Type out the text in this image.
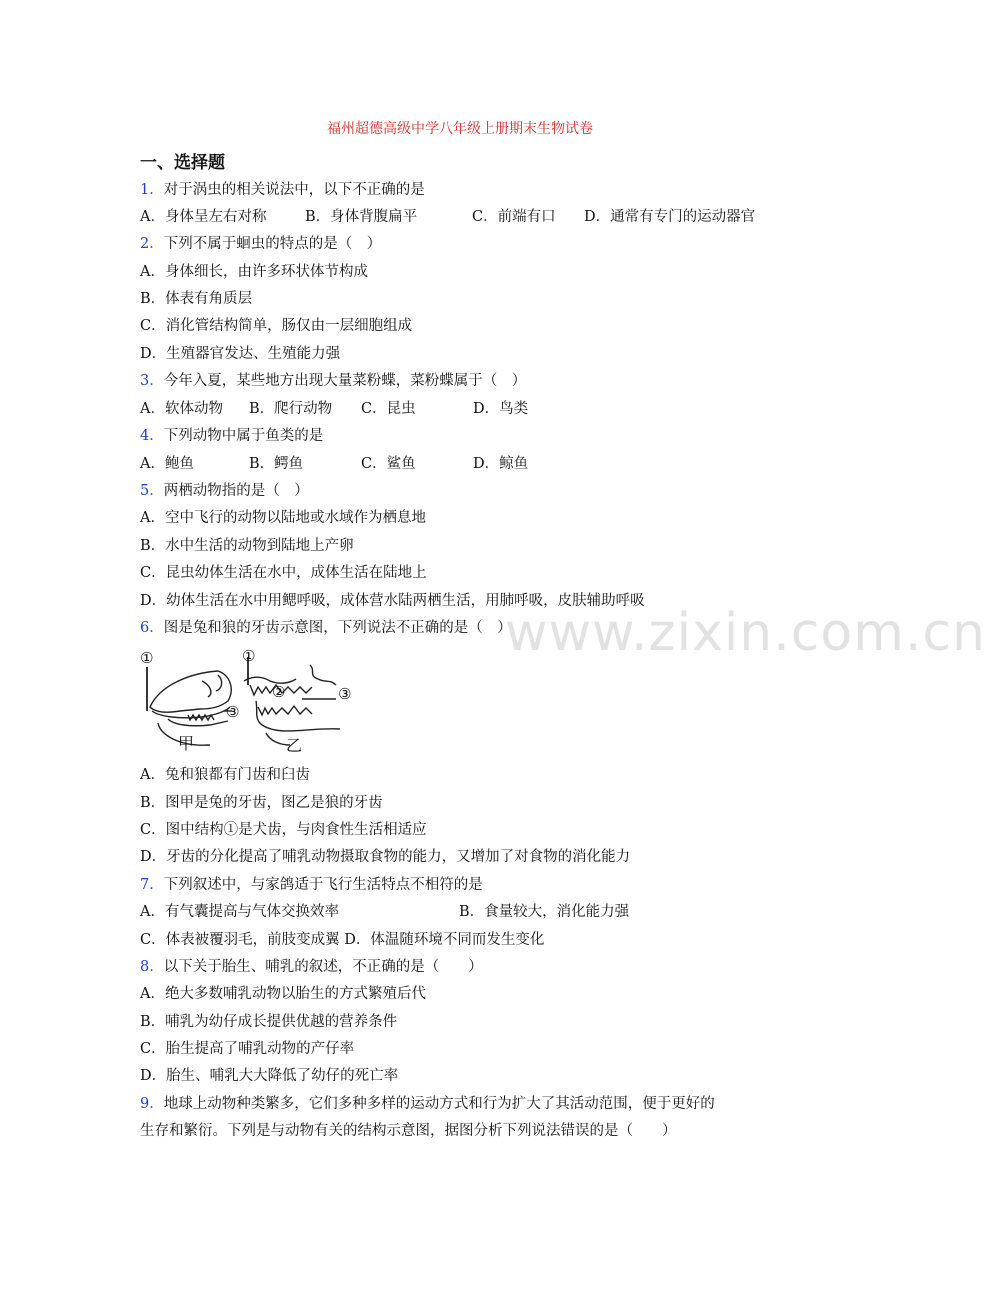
福州超德高级中学八年级上册期末生物试卷
一、选择题
www.zixin.com.cn
1．对于涡虫的相关说法中，以下不正确的是
A．身体呈左右对称	B．身体背腹扁平	C．前端有口 D．通常有专门的运动器官
2．下列不属于蛔虫的特点的是（　）
A．身体细长，由许多环状体节构成
B．体表有角质层
C．消化管结构简单，肠仅由一层细胞组成
D．生殖器官发达、生殖能力强
3．今年入夏，某些地方出现大量菜粉蝶，菜粉蝶属于（　）
A．软体动物 B．爬行动物 C．昆虫	D．鸟类
4．下列动物中属于鱼类的是
A．鲍鱼	B．鳄鱼	C．鲨鱼	D．鲸鱼
5．两栖动物指的是（　）
A．空中飞行的动物以陆地或水域作为栖息地
B．水中生活的动物到陆地上产卵
C．昆虫幼体生活在水中，成体生活在陆地上
D．幼体生活在水中用鳃呼吸，成体营水陆两栖生活，用肺呼吸，皮肤辅助呼吸
6．图是兔和狼的牙齿示意图，下列说法不正确的是（　）
①
③
①
②	③
甲	乙
A．兔和狼都有门齿和臼齿
B．图甲是兔的牙齿，图乙是狼的牙齿
C．图中结构①是犬齿，与肉食性生活相适应
D．牙齿的分化提高了哺乳动物摄取食物的能力，又增加了对食物的消化能力
7．下列叙述中，与家鸽适于飞行生活特点不相符的是
A．有气囊提高与气体交换效率	B．食量较大，消化能力强
C．体表被覆羽毛，前肢变成翼 D．体温随环境不同而发生变化
8．以下关于胎生、哺乳的叙述，不正确的是（　　）
A．绝大多数哺乳动物以胎生的方式繁殖后代
B．哺乳为幼仔成长提供优越的营养条件
C．胎生提高了哺乳动物的产仔率
D．胎生、哺乳大大降低了幼仔的死亡率
9．地球上动物种类繁多，它们多种多样的运动方式和行为扩大了其活动范围，便于更好的
生存和繁衍。下列是与动物有关的结构示意图，据图分析下列说法错误的是（　　）
